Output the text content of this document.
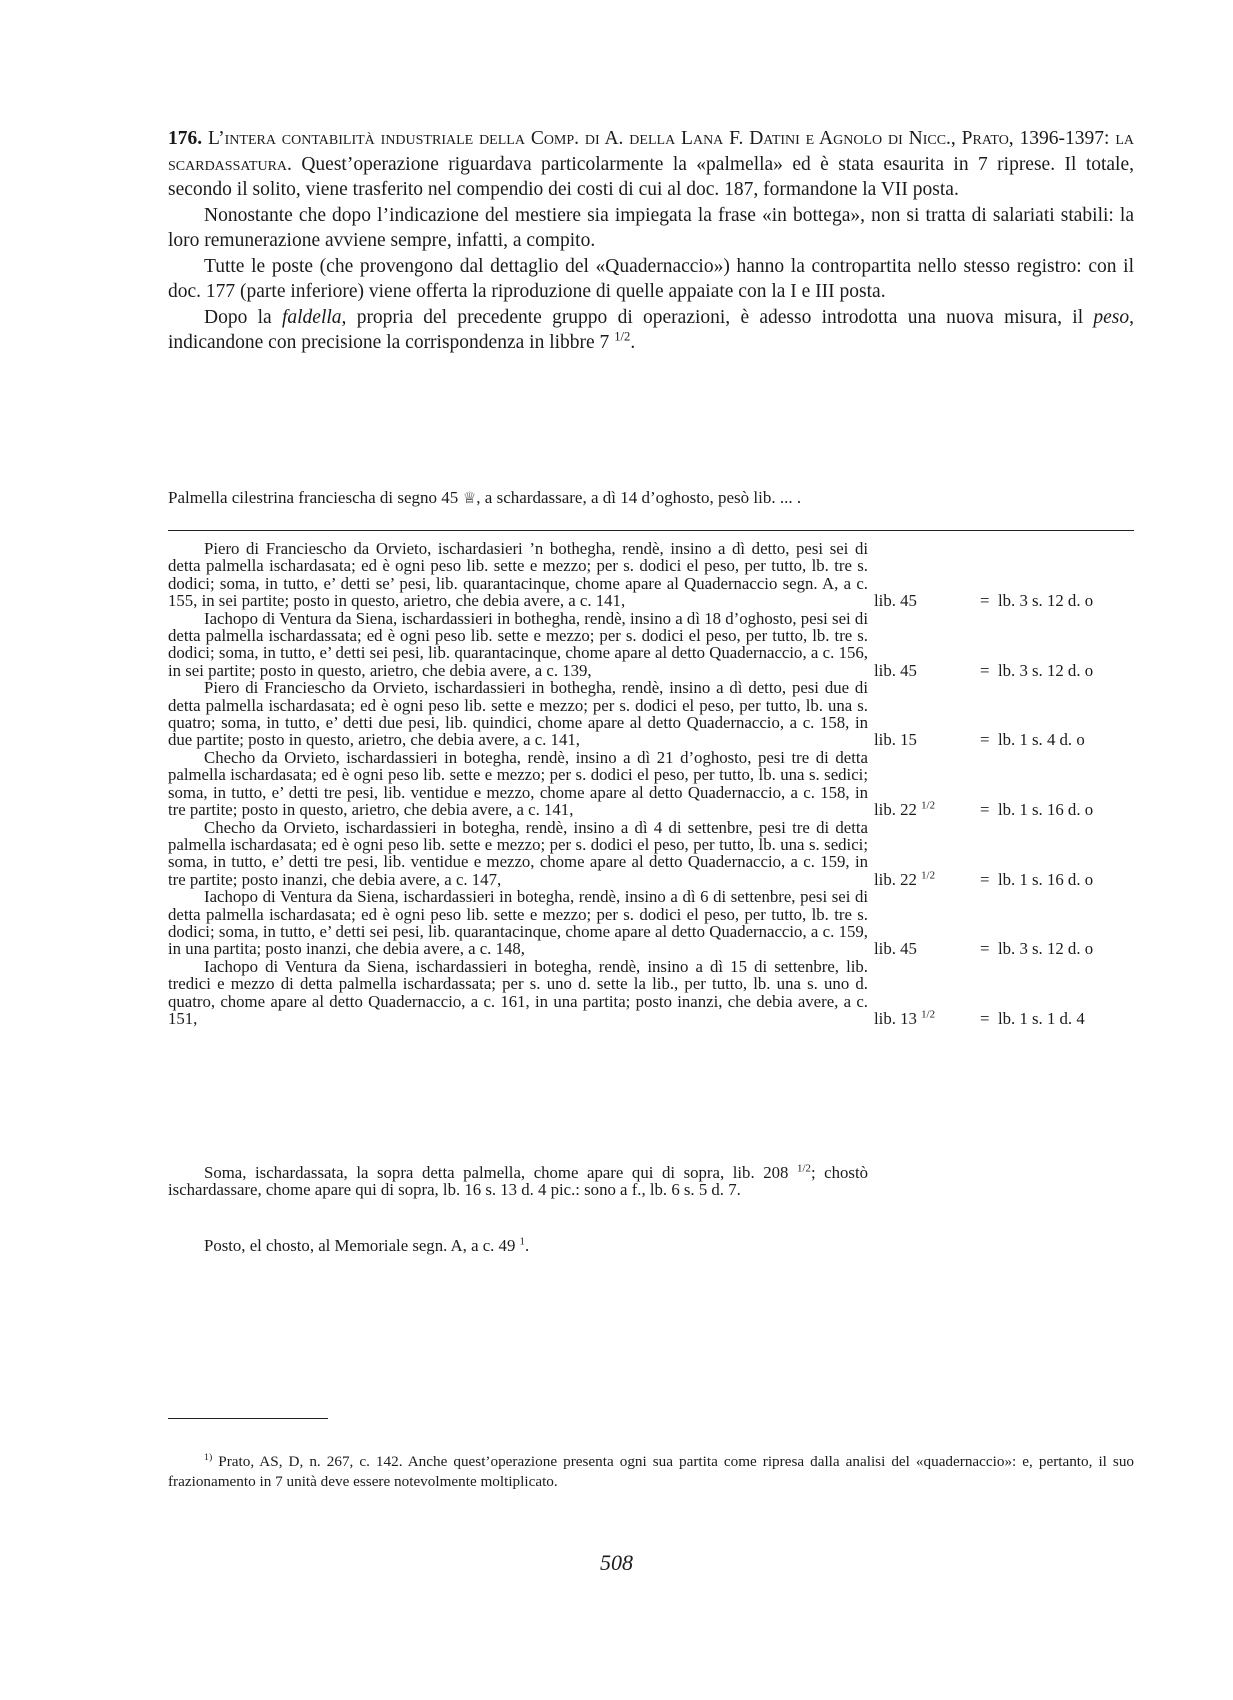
176. L’intera contabilità industriale della Comp. di A. della Lana F. Datini e Agnolo di Nicc., Prato, 1396-1397: la scardassatura. Quest’operazione riguardava particolarmente la «palmella» ed è stata esaurita in 7 riprese. Il totale, secondo il solito, viene trasferito nel compendio dei costi di cui al doc. 187, formandone la VII posta.

Nonostante che dopo l’indicazione del mestiere sia impiegata la frase «in bottega», non si tratta di salariati stabili: la loro remunerazione avviene sempre, infatti, a compito.

Tutte le poste (che provengono dal dettaglio del «Quadernaccio») hanno la contropartita nello stesso registro: con il doc. 177 (parte inferiore) viene offerta la riproduzione di quelle appaiate con la I e III posta.

Dopo la faldella, propria del precedente gruppo di operazioni, è adesso introdotta una nuova misura, il peso, indicandone con precisione la corrispondenza in libbre 7 $^{1/2}$.

Palmella cilestrina franciescha di segno 45 ♕, a schardassare, a dì 14 d’oghosto, pesò lib. ... .

Piero di Franciescho da Orvieto, ischardasieri ’n bothegha, rendè, insino a dì detto, pesi sei di detta palmella ischardasata; ed è ogni peso lib. sette e mezzo; per s. dodici el peso, per tutto, lb. tre s. dodici; soma, in tutto, e’ detti se’ pesi, lib. quarantacinque, chome apare al Quadernacciо segn. A, a c. 155, in sei partite; posto in questo, arietro, che debia avere, a c. 141,	lib. 45	= lb. 3 s. 12 d. o

Iachopo di Ventura da Siena, ischardassieri in bothegha, rendè, insino a dì 18 d’oghosto, pesi sei di detta palmella ischardassata; ed è ogni peso lib. sette e mezzo; per s. dodici el peso, per tutto, lb. tre s. dodici; soma, in tutto, e’ detti sei pesi, lib. quarantacinque, chome apare al detto Quadernaccio, a c. 156, in sei partite; posto in questo, arietro, che debia avere, a c. 139,	lib. 45	= lb. 3 s. 12 d. o

Piero di Franciescho da Orvieto, ischardassieri in bothegha, rendè, insino a dì detto, pesi due di detta palmella ischardasata; ed è ogni peso lib. sette e mezzo; per s. dodici el peso, per tutto, lb. una s. quatro; soma, in tutto, e’ detti due pesi, lib. quindici, chome apare al detto Quadernaccio, a c. 158, in due partite; posto in questo, arietro, che debia avere, a c. 141,	lib. 15	= lb. 1 s. 4 d. o

Checho da Orvieto, ischardassieri in botegha, rendè, insino a dì 21 d’oghosto, pesi tre di detta palmella ischardasata; ed è ogni peso lib. sette e mezzo; per s. dodici el peso, per tutto, lb. una s. sedici; soma, in tutto, e’ detti tre pesi, lib. ventidue e mezzo, chome apare al detto Quadernaccio, a c. 158, in tre partite; posto in questo, arietro, che debia avere, a c. 141,	lib. 22 $^{1/2}$	= lb. 1 s. 16 d. o

Checho da Orvieto, ischardassieri in botegha, rendè, insino a dì 4 di settenbre, pesi tre di detta palmella ischardasata; ed è ogni peso lib. sette e mezzo; per s. dodici el peso, per tutto, lb. una s. sedici; soma, in tutto, e’ detti tre pesi, lib. ventidue e mezzo, chome apare al detto Quadernaccio, a c. 159, in tre partite; posto inanzi, che debia avere, a c. 147,	lib. 22 $^{1/2}$	= lb. 1 s. 16 d. o

Iachopo di Ventura da Siena, ischardassieri in botegha, rendè, insino a dì 6 di settenbre, pesi sei di detta palmella ischardasata; ed è ogni peso lib. sette e mezzo; per s. dodici el peso, per tutto, lb. tre s. dodici; soma, in tutto, e’ detti sei pesi, lib. quarantacinque, chome apare al detto Quadernaccio, a c. 159, in una partita; posto inanzi, che debia avere, a c. 148,	lib. 45	= lb. 3 s. 12 d. o

Iachopo di Ventura da Siena, ischardassieri in botegha, rendè, insino a dì 15 di settenbre, lib. tredici e mezzo di detta palmella ischardassata; per s. uno d. sette la lib., per tutto, lb. una s. uno d. quatro, chome apare al detto Quadernaccio, a c. 161, in una partita; posto inanzi, che debia avere, a c. 151,	lib. 13 $^{1/2}$	= lb. 1 s. 1 d. 4

Soma, ischardassata, la sopra detta palmella, chome apare qui di sopra, lib. 208 $^{1/2}$; chostò ischardassare, chome apare qui di sopra, lb. 16 s. 13 d. 4 pic.: sono a f., lb. 6 s. 5 d. 7.

Posto, el chosto, al Memoriale segn. A, a c. 49 $^1$.

$^{1)}$ Prato, AS, D, n. 267, c. 142. Anche quest’operazione presenta ogni sua partita come ripresa dalla analisi del «quadernaccio»: e, pertanto, il suo frazionamento in 7 unità deve essere notevolmente moltiplicato.

508
